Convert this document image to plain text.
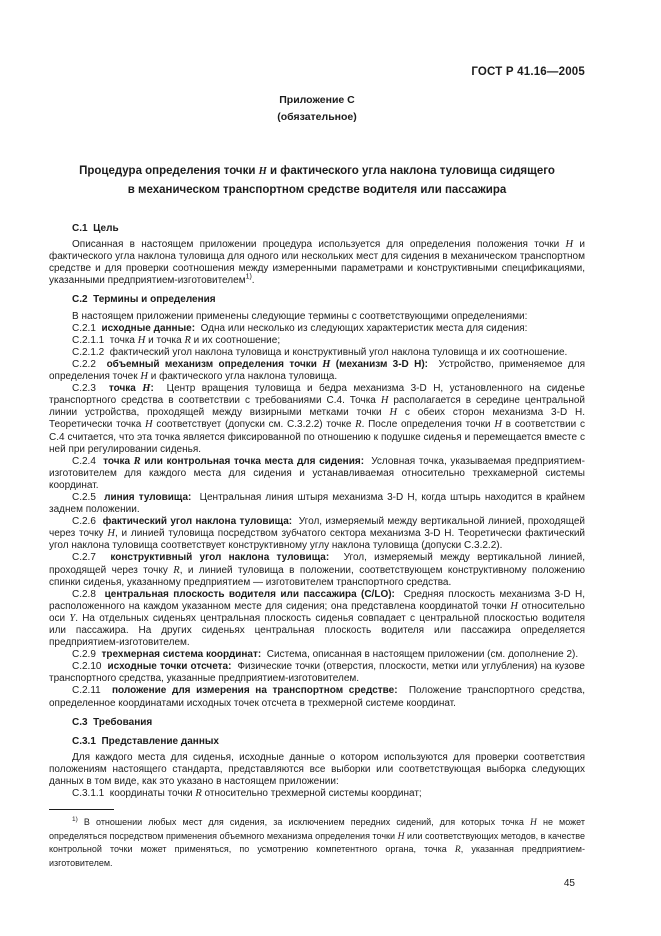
ГОСТ Р 41.16—2005
Приложение С
(обязательное)
Процедура определения точки H и фактического угла наклона туловища сидящего
в механическом транспортном средстве водителя или пассажира

С.1  Цель

Описанная в настоящем приложении процедура используется для определения положения точки H и фактического угла наклона туловища для одного или нескольких мест для сидения в механическом транспортном средстве и для проверки соотношения между измеренными параметрами и конструктивными спецификациями, указанными предприятием-изготовителем$^{1)}$.

С.2  Термины и определения

В настоящем приложении применены следующие термины с соответствующими определениями:

С.2.1  исходные данные:  Одна или несколько из следующих характеристик места для сидения:

С.2.1.1  точка H и точка R и их соотношение;

С.2.1.2  фактический угол наклона туловища и конструктивный угол наклона туловища и их соотношение.

С.2.2  объемный механизм определения точки H (механизм 3-D H):  Устройство, применяемое для определения точек H и фактического угла наклона туловища.

С.2.3  точка H:  Центр вращения туловища и бедра механизма 3-D H, установленного на сиденье транспортного средства в соответствии с требованиями С.4. Точка H располагается в середине центральной линии устройства, проходящей между визирными метками точки H с обеих сторон механизма 3-D H. Теоретически точка H соответствует (допуски см. С.3.2.2) точке R. После определения точки H в соответствии с С.4 считается, что эта точка является фиксированной по отношению к подушке сиденья и перемещается вместе с ней при регулировании сиденья.

С.2.4  точка R или контрольная точка места для сидения:  Условная точка, указываемая предприятием-изготовителем для каждого места для сидения и устанавливаемая относительно трехкамерной системы координат.

С.2.5  линия туловища:  Центральная линия штыря механизма 3-D H, когда штырь находится в крайнем заднем положении.

С.2.6  фактический угол наклона туловища:  Угол, измеряемый между вертикальной линией, проходящей через точку H, и линией туловища посредством зубчатого сектора механизма 3-D H. Теоретически фактический угол наклона туловища соответствует конструктивному углу наклона туловища (допуски С.3.2.2).

С.2.7  конструктивный угол наклона туловища:  Угол, измеряемый между вертикальной линией, проходящей через точку R, и линией туловища в положении, соответствующем конструктивному положению спинки сиденья, указанному предприятием — изготовителем транспортного средства.

С.2.8  центральная плоскость водителя или пассажира (C/LO):  Средняя плоскость механизма 3-D H, расположенного на каждом указанном месте для сидения; она представлена координатой точки H относительно оси Y. На отдельных сиденьях центральная плоскость сиденья совпадает с центральной плоскостью водителя или пассажира. На других сиденьях центральная плоскость водителя или пассажира определяется предприятием-изготовителем.

С.2.9  трехмерная система координат:  Система, описанная в настоящем приложении (см. дополнение 2).

С.2.10  исходные точки отсчета:  Физические точки (отверстия, плоскости, метки или углубления) на кузове транспортного средства, указанные предприятием-изготовителем.

С.2.11  положение для измерения на транспортном средстве:  Положение транспортного средства, определенное координатами исходных точек отсчета в трехмерной системе координат.

С.3  Требования

С.3.1  Представление данных

Для каждого места для сиденья, исходные данные о котором используются для проверки соответствия положениям настоящего стандарта, представляются все выборки или соответствующая выборка следующих данных в том виде, как это указано в настоящем приложении:

С.3.1.1  координаты точки R относительно трехмерной системы координат;

$^{1)}$ В отношении любых мест для сидения, за исключением передних сидений, для которых точка H не может определяться посредством применения объемного механизма определения точки H или соответствующих методов, в качестве контрольной точки может применяться, по усмотрению компетентного органа, точка R, указанная предприятием-изготовителем.
45
